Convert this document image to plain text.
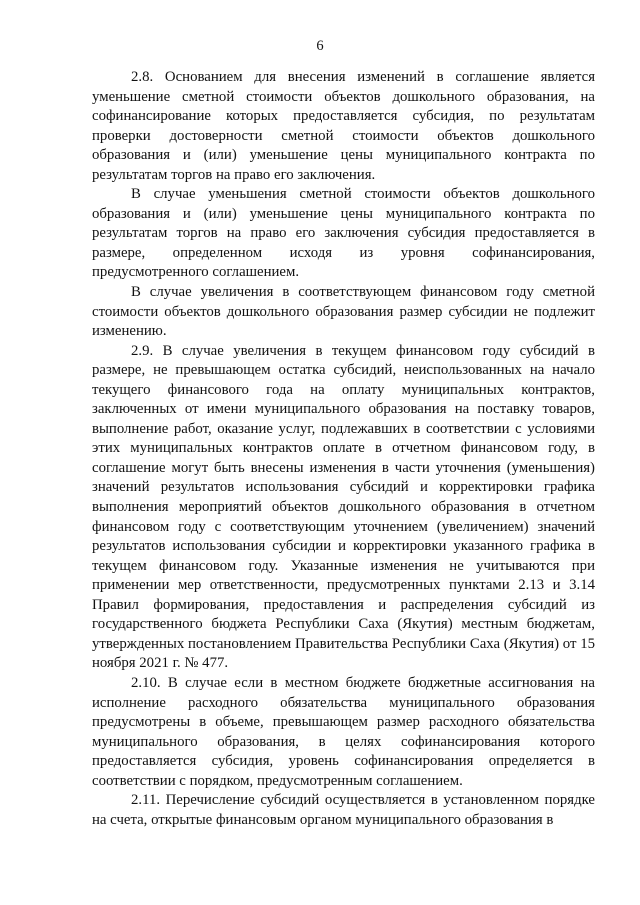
6

2.8. Основанием для внесения изменений в соглашение является уменьшение сметной стоимости объектов дошкольного образования, на софинансирование которых предоставляется субсидия, по результатам проверки достоверности сметной стоимости объектов дошкольного образования и (или) уменьшение цены муниципального контракта по результатам торгов на право его заключения.

В случае уменьшения сметной стоимости объектов дошкольного образования и (или) уменьшение цены муниципального контракта по результатам торгов на право его заключения субсидия предоставляется в размере, определенном исходя из уровня софинансирования, предусмотренного соглашением.

В случае увеличения в соответствующем финансовом году сметной стоимости объектов дошкольного образования размер субсидии не подлежит изменению.

2.9. В случае увеличения в текущем финансовом году субсидий в размере, не превышающем остатка субсидий, неиспользованных на начало текущего финансового года на оплату муниципальных контрактов, заключенных от имени муниципального образования на поставку товаров, выполнение работ, оказание услуг, подлежавших в соответствии с условиями этих муниципальных контрактов оплате в отчетном финансовом году, в соглашение могут быть внесены изменения в части уточнения (уменьшения) значений результатов использования субсидий и корректировки графика выполнения мероприятий объектов дошкольного образования в отчетном финансовом году с соответствующим уточнением (увеличением) значений результатов использования субсидии и корректировки указанного графика в текущем финансовом году. Указанные изменения не учитываются при применении мер ответственности, предусмотренных пунктами 2.13 и 3.14 Правил формирования, предоставления и распределения субсидий из государственного бюджета Республики Саха (Якутия) местным бюджетам, утвержденных постановлением Правительства Республики Саха (Якутия) от 15 ноября 2021 г. № 477.

2.10. В случае если в местном бюджете бюджетные ассигнования на исполнение расходного обязательства муниципального образования предусмотрены в объеме, превышающем размер расходного обязательства муниципального образования, в целях софинансирования которого предоставляется субсидия, уровень софинансирования определяется в соответствии с порядком, предусмотренным соглашением.

2.11. Перечисление субсидий осуществляется в установленном порядке на счета, открытые финансовым органом муниципального образования в
